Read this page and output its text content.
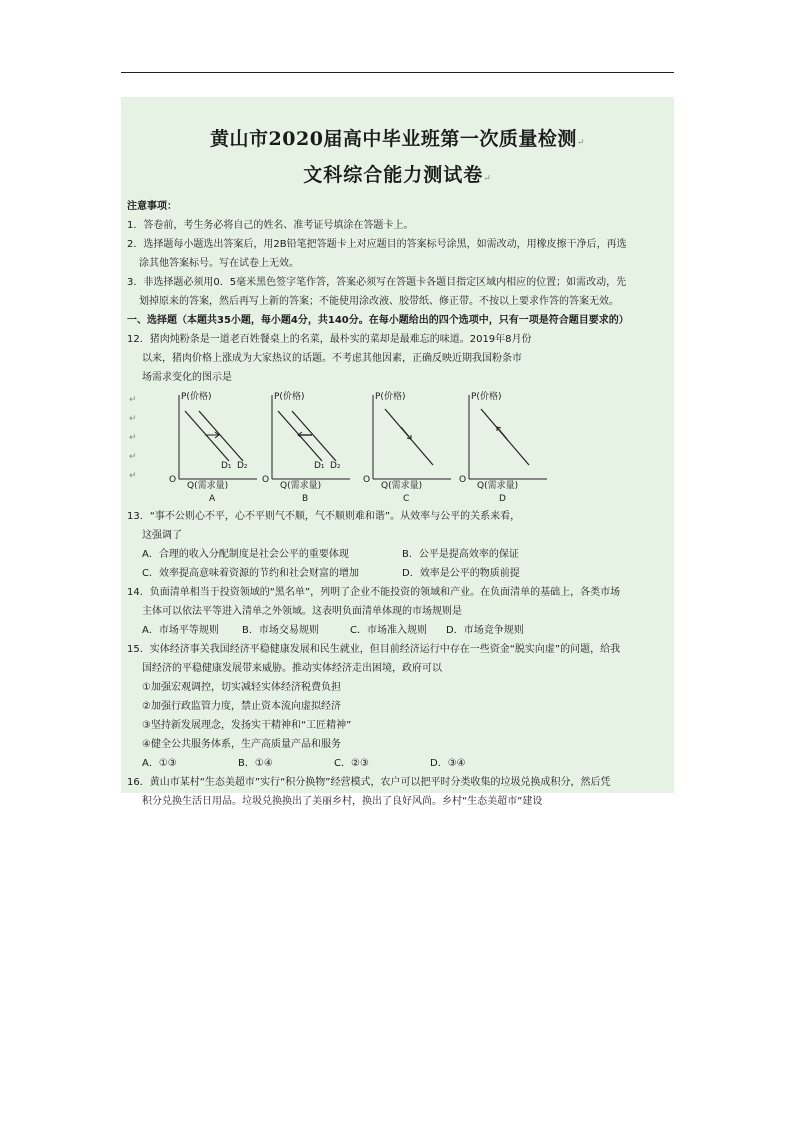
黄山市2020届高中毕业班第一次质量检测↵
文科综合能力测试卷↵
注意事项：
1．答卷前，考生务必将自己的姓名、准考证号填涂在答题卡上。
2．选择题每小题选出答案后，用2B铅笔把答题卡上对应题目的答案标号涂黑，如需改动，用橡皮擦干净后，再选
涂其他答案标号。写在试卷上无效。
3．非选择题必须用0．5毫米黑色签字笔作答，答案必须写在答题卡各题目指定区域内相应的位置；如需改动，先
划掉原来的答案，然后再写上新的答案；不能使用涂改液、胶带纸、修正带。不按以上要求作答的答案无效。
一、选择题（本题共35小题，每小题4分，共140分。在每小题给出的四个选项中，只有一项是符合题目要求的）
12．猪肉炖粉条是一道老百姓餐桌上的名菜，最朴实的菜却是最难忘的味道。2019年8月份
以来，猪肉价格上涨成为大家热议的话题。不考虑其他因素，正确反映近期我国粉条市
场需求变化的图示是
↵
↵
↵
↵
↵
P(价格)
D₁ D₂
O
Q(需求量)
A
P(价格)
D₁ D₂
O
Q(需求量)
B
P(价格)
O
Q(需求量)
C
P(价格)
O
Q(需求量)
D
13．“事不公则心不平，心不平则气不顺，气不顺则难和谐”。从效率与公平的关系来看，
这强调了
A．合理的收入分配制度是社会公平的重要体现	B．公平是提高效率的保证
C．效率提高意味着资源的节约和社会财富的增加	D．效率是公平的物质前提
14．负面清单相当于投资领域的“黑名单”，列明了企业不能投资的领域和产业。在负面清单的基础上，各类市场
主体可以依法平等进入清单之外领域。这表明负面清单体现的市场规则是
A．市场平等规则	B．市场交易规则	C．市场准入规则	D．市场竞争规则
15．实体经济事关我国经济平稳健康发展和民生就业，但目前经济运行中存在一些资金“脱实向虚”的问题，给我
国经济的平稳健康发展带来威胁。推动实体经济走出困境，政府可以
①加强宏观调控，切实减轻实体经济税费负担
②加强行政监管力度，禁止资本流向虚拟经济
③坚持新发展理念，发扬实干精神和“工匠精神”
④健全公共服务体系，生产高质量产品和服务
A．①③	B．①④	C．②③	D．③④
16．黄山市某村“生态美超市”实行“积分换物”经营模式，农户可以把平时分类收集的垃圾兑换成积分，然后凭
积分兑换生活日用品。垃圾兑换换出了美丽乡村，换出了良好风尚。乡村“生态美超市”建设
